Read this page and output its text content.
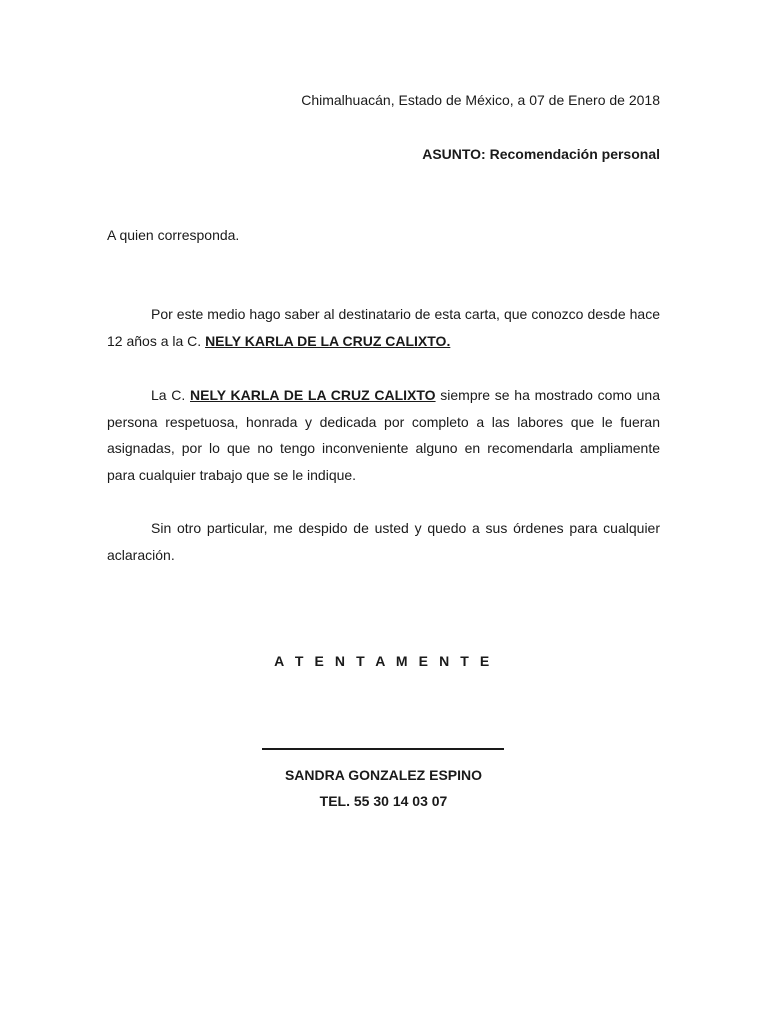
Chimalhuacán, Estado de México, a 07 de Enero de 2018
ASUNTO: Recomendación personal
A quien corresponda.
Por este medio hago saber al destinatario de esta carta, que conozco desde hace 12 años a la C. NELY KARLA DE LA CRUZ CALIXTO.
La C. NELY KARLA DE LA CRUZ CALIXTO siempre se ha mostrado como una persona respetuosa, honrada y dedicada por completo a las labores que le fueran asignadas, por lo que no tengo inconveniente alguno en recomendarla ampliamente para cualquier trabajo que se le indique.
Sin otro particular, me despido de usted y quedo a sus órdenes para cualquier aclaración.
A T E N T A M E N T E
SANDRA GONZALEZ ESPINO
TEL. 55 30 14 03 07
